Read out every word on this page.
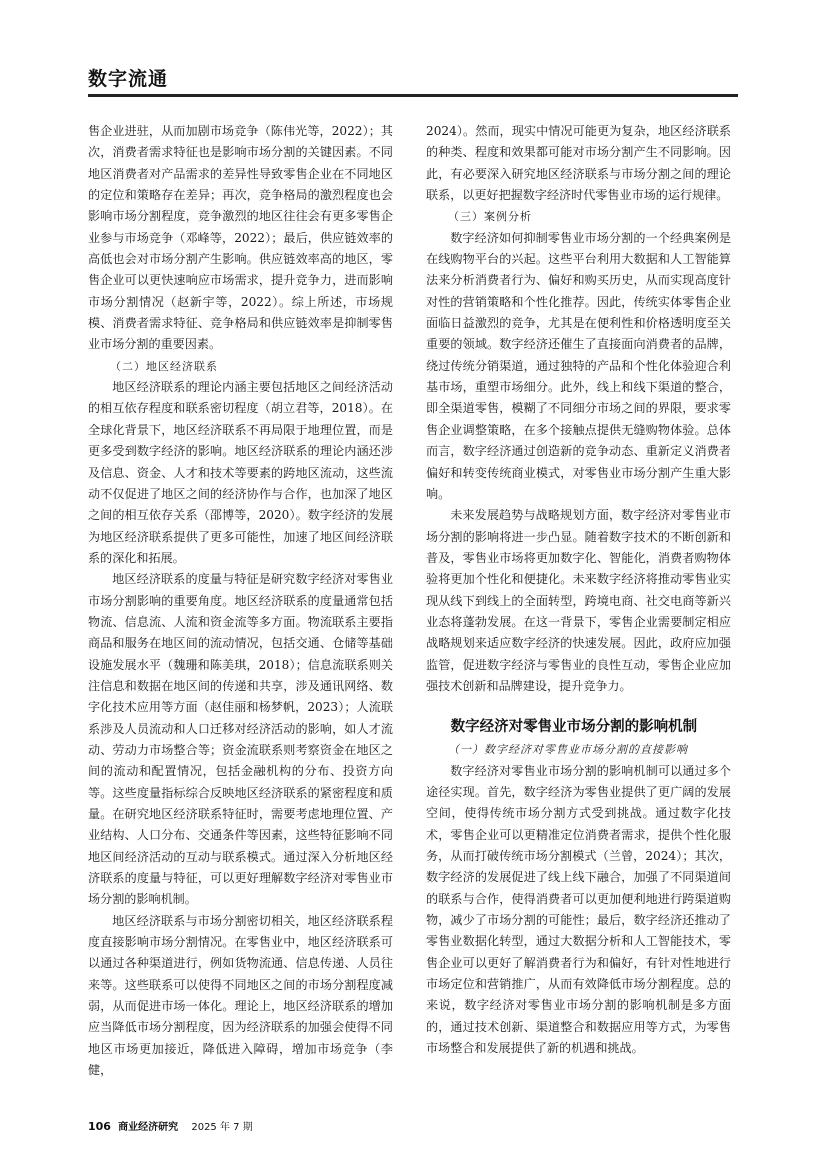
数字流通

售企业进驻，从而加剧市场竞争（陈伟光等，2022）；其次，消费者需求特征也是影响市场分割的关键因素。不同地区消费者对产品需求的差异性导致零售企业在不同地区的定位和策略存在差异；再次，竞争格局的激烈程度也会影响市场分割程度，竞争激烈的地区往往会有更多零售企业参与市场竞争（邓峰等，2022）；最后，供应链效率的高低也会对市场分割产生影响。供应链效率高的地区，零售企业可以更快速响应市场需求，提升竞争力，进而影响市场分割情况（赵新宇等，2022）。综上所述，市场规模、消费者需求特征、竞争格局和供应链效率是抑制零售业市场分割的重要因素。

（二）地区经济联系

地区经济联系的理论内涵主要包括地区之间经济活动的相互依存程度和联系密切程度（胡立君等，2018）。在全球化背景下，地区经济联系不再局限于地理位置，而是更多受到数字经济的影响。地区经济联系的理论内涵还涉及信息、资金、人才和技术等要素的跨地区流动，这些流动不仅促进了地区之间的经济协作与合作，也加深了地区之间的相互依存关系（邵博等，2020）。数字经济的发展为地区经济联系提供了更多可能性，加速了地区间经济联系的深化和拓展。

地区经济联系的度量与特征是研究数字经济对零售业市场分割影响的重要角度。地区经济联系的度量通常包括物流、信息流、人流和资金流等多方面。物流联系主要指商品和服务在地区间的流动情况，包括交通、仓储等基础设施发展水平（魏珊和陈美琪，2018）；信息流联系则关注信息和数据在地区间的传递和共享，涉及通讯网络、数字化技术应用等方面（赵佳丽和杨梦帆，2023）；人流联系涉及人员流动和人口迁移对经济活动的影响，如人才流动、劳动力市场整合等；资金流联系则考察资金在地区之间的流动和配置情况，包括金融机构的分布、投资方向等。这些度量指标综合反映地区经济联系的紧密程度和质量。在研究地区经济联系特征时，需要考虑地理位置、产业结构、人口分布、交通条件等因素，这些特征影响不同地区间经济活动的互动与联系模式。通过深入分析地区经济联系的度量与特征，可以更好理解数字经济对零售业市场分割的影响机制。

地区经济联系与市场分割密切相关，地区经济联系程度直接影响市场分割情况。在零售业中，地区经济联系可以通过各种渠道进行，例如货物流通、信息传递、人员往来等。这些联系可以使得不同地区之间的市场分割程度减弱，从而促进市场一体化。理论上，地区经济联系的增加应当降低市场分割程度，因为经济联系的加强会使得不同地区市场更加接近，降低进入障碍，增加市场竞争（李健，

2024）。然而，现实中情况可能更为复杂，地区经济联系的种类、程度和效果都可能对市场分割产生不同影响。因此，有必要深入研究地区经济联系与市场分割之间的理论联系，以更好把握数字经济时代零售业市场的运行规律。

（三）案例分析

数字经济如何抑制零售业市场分割的一个经典案例是在线购物平台的兴起。这些平台利用大数据和人工智能算法来分析消费者行为、偏好和购买历史，从而实现高度针对性的营销策略和个性化推荐。因此，传统实体零售企业面临日益激烈的竞争，尤其是在便利性和价格透明度至关重要的领域。数字经济还催生了直接面向消费者的品牌，绕过传统分销渠道，通过独特的产品和个性化体验迎合利基市场，重塑市场细分。此外，线上和线下渠道的整合，即全渠道零售，模糊了不同细分市场之间的界限，要求零售企业调整策略，在多个接触点提供无缝购物体验。总体而言，数字经济通过创造新的竞争动态、重新定义消费者偏好和转变传统商业模式，对零售业市场分割产生重大影响。

未来发展趋势与战略规划方面，数字经济对零售业市场分割的影响将进一步凸显。随着数字技术的不断创新和普及，零售业市场将更加数字化、智能化，消费者购物体验将更加个性化和便捷化。未来数字经济将推动零售业实现从线下到线上的全面转型，跨境电商、社交电商等新兴业态将蓬勃发展。在这一背景下，零售企业需要制定相应战略规划来适应数字经济的快速发展。因此，政府应加强监管，促进数字经济与零售业的良性互动，零售企业应加强技术创新和品牌建设，提升竞争力。

数字经济对零售业市场分割的影响机制

（一）数字经济对零售业市场分割的直接影响

数字经济对零售业市场分割的影响机制可以通过多个途径实现。首先，数字经济为零售业提供了更广阔的发展空间，使得传统市场分割方式受到挑战。通过数字化技术，零售企业可以更精准定位消费者需求，提供个性化服务，从而打破传统市场分割模式（兰曾，2024）；其次，数字经济的发展促进了线上线下融合，加强了不同渠道间的联系与合作，使得消费者可以更加便利地进行跨渠道购物，减少了市场分割的可能性；最后，数字经济还推动了零售业数据化转型，通过大数据分析和人工智能技术，零售企业可以更好了解消费者行为和偏好，有针对性地进行市场定位和营销推广，从而有效降低市场分割程度。总的来说，数字经济对零售业市场分割的影响机制是多方面的，通过技术创新、渠道整合和数据应用等方式，为零售市场整合和发展提供了新的机遇和挑战。

106 商业经济研究 2025 年 7 期
